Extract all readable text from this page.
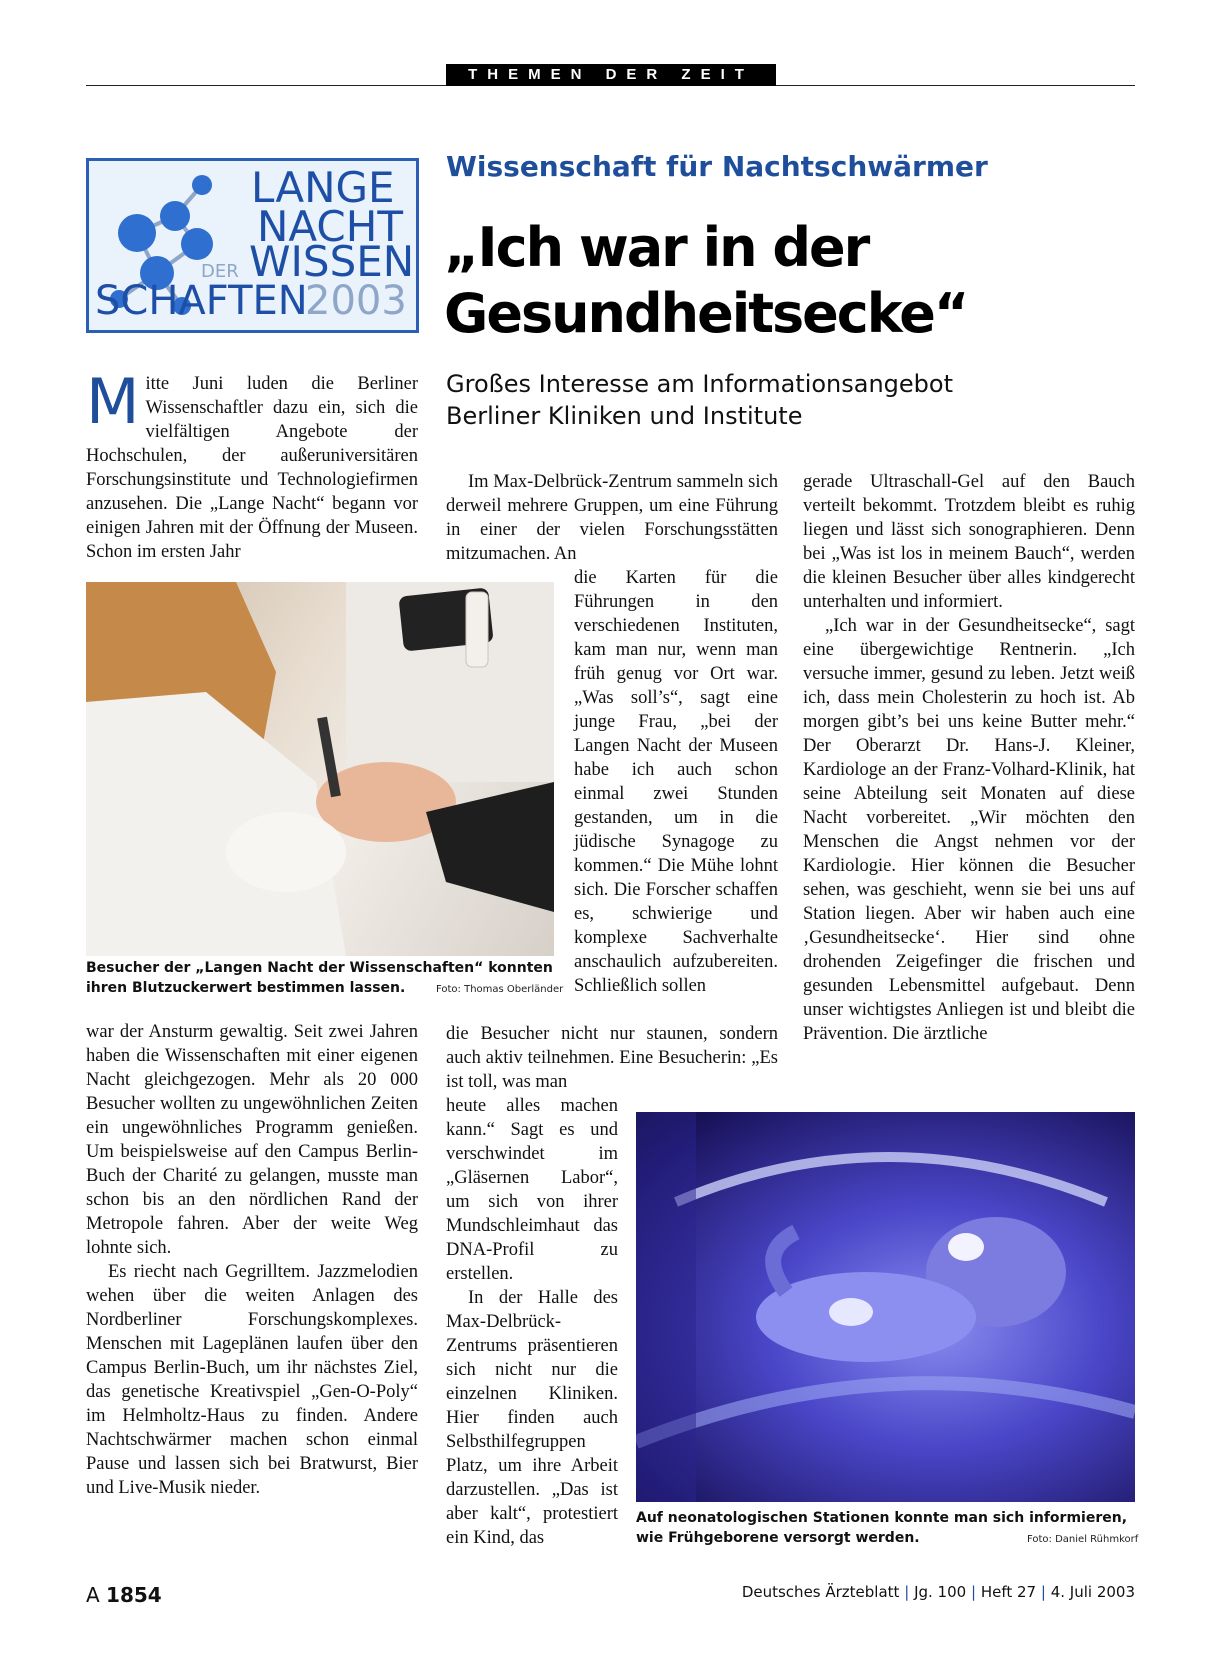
THEMEN DER ZEIT
LANGE
NACHT
DER WISSEN
SCHAFTEN
2003
Wissenschaft für Nachtschwärmer
„Ich war in der
Gesundheitsecke“
Großes Interesse am Informationsangebot
Berliner Kliniken und Institute

Mitte Juni luden die Berliner Wissenschaftler dazu ein, sich die vielfältigen Angebote der Hochschulen, der außeruniversitären Forschungsinstitute und Technologiefirmen anzusehen. Die „Lange Nacht“ begann vor einigen Jahren mit der Öffnung der Museen. Schon im ersten Jahr

Besucher der „Langen Nacht der Wissenschaften“ konnten ihren Blutzuckerwert bestimmen lassen.	Foto: Thomas Oberländer

war der Ansturm gewaltig. Seit zwei Jahren haben die Wissenschaften mit einer eigenen Nacht gleichgezogen. Mehr als 20 000 Besucher wollten zu ungewöhnlichen Zeiten ein ungewöhnliches Programm genießen. Um beispielsweise auf den Campus Berlin-Buch der Charité zu gelangen, musste man schon bis an den nördlichen Rand der Metropole fahren. Aber der weite Weg lohnte sich.

Es riecht nach Gegrilltem. Jazzmelodien wehen über die weiten Anlagen des Nordberliner Forschungskomplexes. Menschen mit Lageplänen laufen über den Campus Berlin-Buch, um ihr nächstes Ziel, das genetische Kreativspiel „Gen-O-Poly“ im Helmholtz-Haus zu finden. Andere Nachtschwärmer machen schon einmal Pause und lassen sich bei Bratwurst, Bier und Live-Musik nieder.

Im Max-Delbrück-Zentrum sammeln sich derweil mehrere Gruppen, um eine Führung in einer der vielen Forschungsstätten mitzumachen. An
die Karten für die Führungen in den verschiedenen Instituten, kam man nur, wenn man früh genug vor Ort war. „Was soll’s“, sagt eine junge Frau, „bei der Langen Nacht der Museen habe ich auch schon einmal zwei Stunden gestanden, um in die jüdische Synagoge zu kommen.“ Die Mühe lohnt sich. Die Forscher schaffen es, schwierige und komplexe Sachverhalte anschaulich aufzubereiten. Schließlich sollen
die Besucher nicht nur staunen, sondern auch aktiv teilnehmen. Eine Besucherin: „Es ist toll, was man

heute alles machen kann.“ Sagt es und verschwindet im „Gläsernen Labor“, um sich von ihrer Mundschleimhaut das DNA-Profil zu erstellen.

In der Halle des Max-Delbrück-Zentrums präsentieren sich nicht nur die einzelnen Kliniken. Hier finden auch Selbsthilfegruppen Platz, um ihre Arbeit darzustellen. „Das ist aber kalt“, protestiert ein Kind, das

gerade Ultraschall-Gel auf den Bauch verteilt bekommt. Trotzdem bleibt es ruhig liegen und lässt sich sonographieren. Denn bei „Was ist los in meinem Bauch“, werden die kleinen Besucher über alles kindgerecht unterhalten und informiert.

„Ich war in der Gesundheitsecke“, sagt eine übergewichtige Rentnerin. „Ich versuche immer, gesund zu leben. Jetzt weiß ich, dass mein Cholesterin zu hoch ist. Ab morgen gibt’s bei uns keine Butter mehr.“ Der Oberarzt Dr. Hans-J. Kleiner, Kardiologe an der Franz-Volhard-Klinik, hat seine Abteilung seit Monaten auf diese Nacht vorbereitet. „Wir möchten den Menschen die Angst nehmen vor der Kardiologie. Hier können die Besucher sehen, was geschieht, wenn sie bei uns auf Station liegen. Aber wir haben auch eine ‚Gesundheitsecke‘. Hier sind ohne drohenden Zeigefinger die frischen und gesunden Lebensmittel aufgebaut. Denn unser wichtigstes Anliegen ist und bleibt die Prävention. Die ärztliche

Auf neonatologischen Stationen konnte man sich informieren, wie Frühgeborene versorgt werden.	Foto: Daniel Rühmkorf
A 1854	Deutsches Ärzteblatt | Jg. 100 | Heft 27 | 4. Juli 2003
